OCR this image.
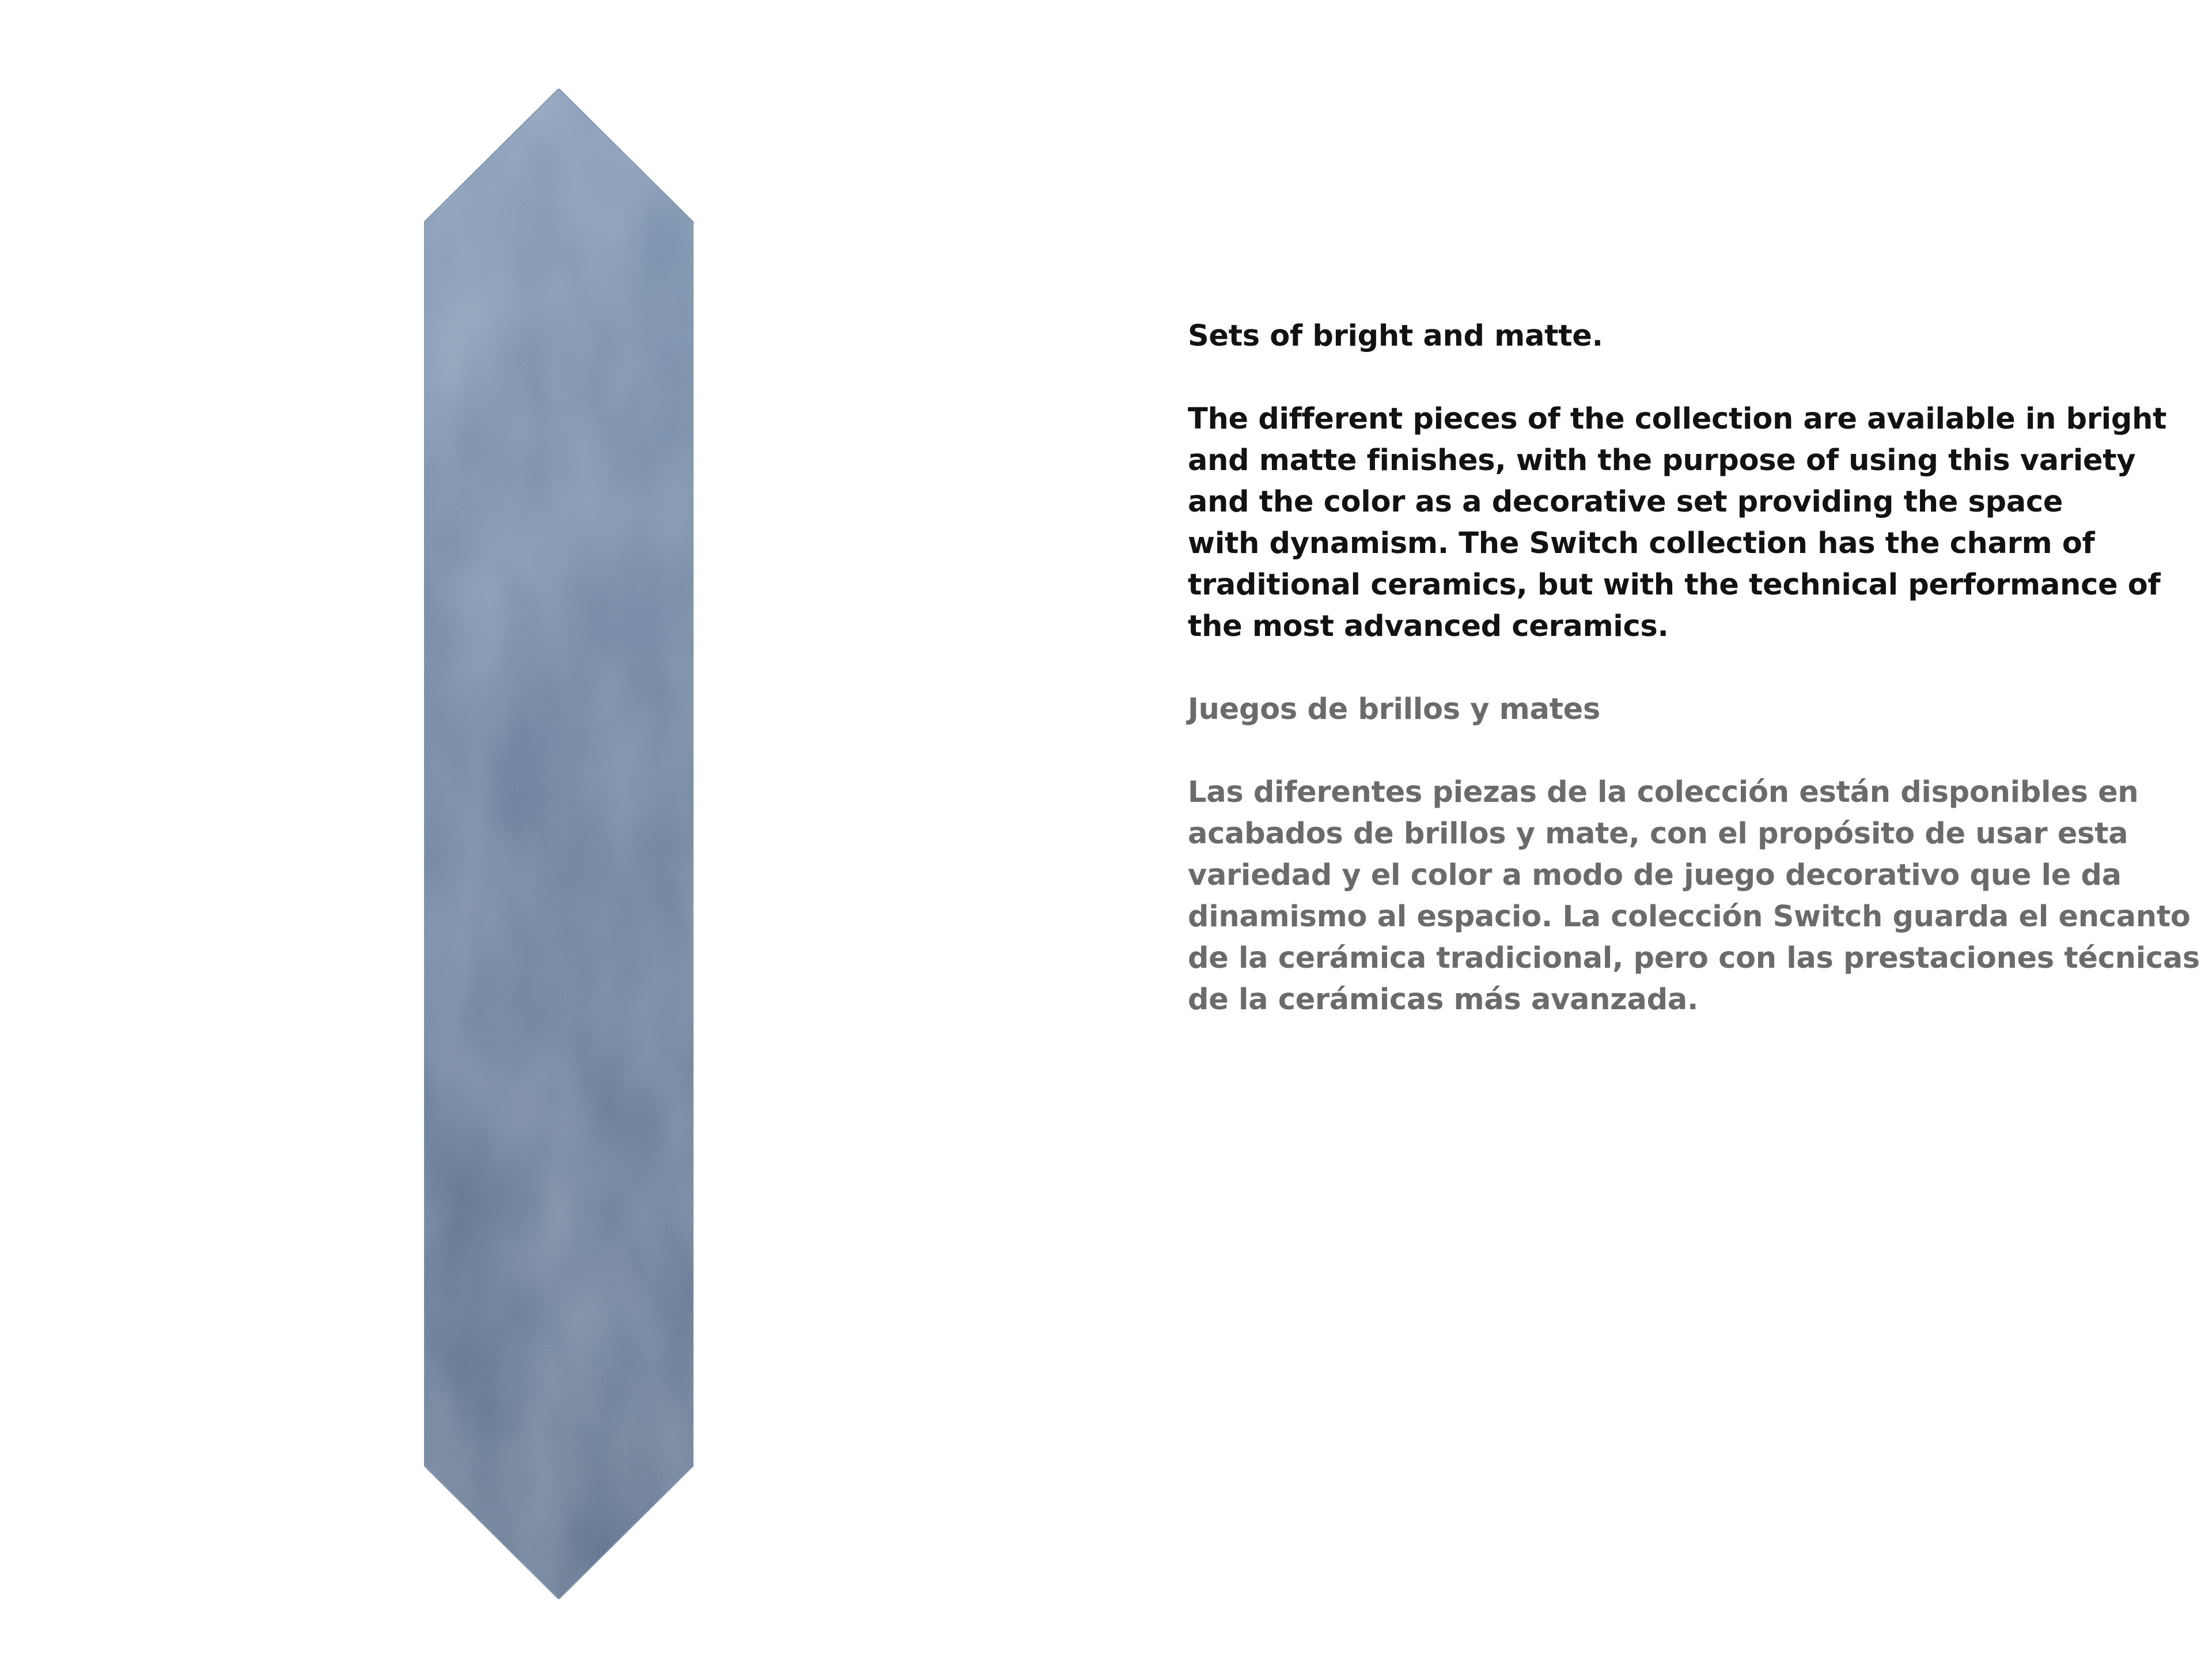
Sets of bright and matte.

The different pieces of the collection are available in bright
and matte finishes, with the purpose of using this variety
and the color as a decorative set providing the space
with dynamism. The Switch collection has the charm of
traditional ceramics, but with the technical performance of
the most advanced ceramics.

Juegos de brillos y mates

Las diferentes piezas de la colección están disponibles en
acabados de brillos y mate, con el propósito de usar esta
variedad y el color a modo de juego decorativo que le da
dinamismo al espacio. La colección Switch guarda el encanto
de la cerámica tradicional, pero con las prestaciones técnicas
de la cerámicas más avanzada.
